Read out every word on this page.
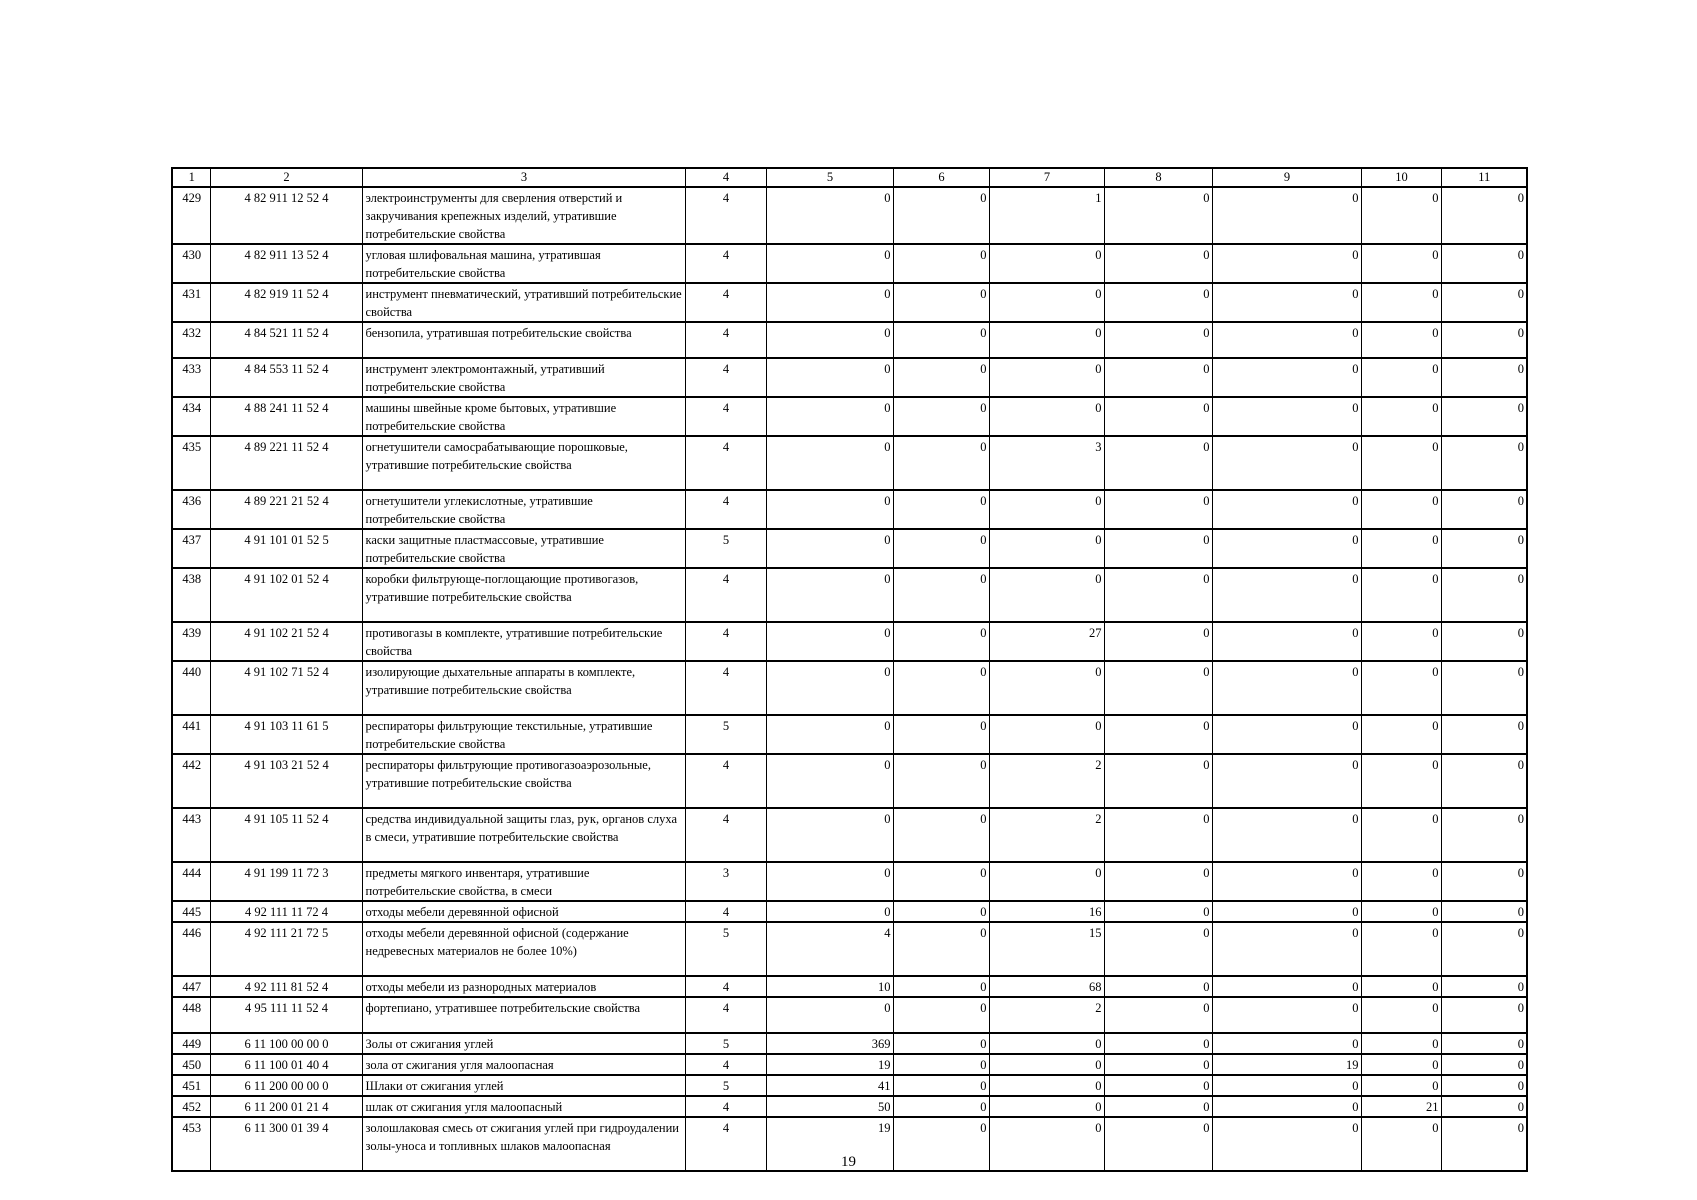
1	2	3	4	5	6	7	8	9	10	11
429	4 82 911 12 52 4	электроинструменты для сверления отверстий и закручивания крепежных изделий, утратившие потребительские свойства	4	0	0	1	0	0	0	0
430	4 82 911 13 52 4	угловая шлифовальная машина, утратившая потребительские свойства	4	0	0	0	0	0	0	0
431	4 82 919 11 52 4	инструмент пневматический, утративший потребительские свойства	4	0	0	0	0	0	0	0
432	4 84 521 11 52 4	бензопила, утратившая потребительские свойства	4	0	0	0	0	0	0	0
433	4 84 553 11 52 4	инструмент электромонтажный, утративший потребительские свойства	4	0	0	0	0	0	0	0
434	4 88 241 11 52 4	машины швейные кроме бытовых, утратившие потребительские свойства	4	0	0	0	0	0	0	0
435	4 89 221 11 52 4	огнетушители самосрабатывающие порошковые, утратившие потребительские свойства	4	0	0	3	0	0	0	0
436	4 89 221 21 52 4	огнетушители углекислотные, утратившие потребительские свойства	4	0	0	0	0	0	0	0
437	4 91 101 01 52 5	каски защитные пластмассовые, утратившие потребительские свойства	5	0	0	0	0	0	0	0
438	4 91 102 01 52 4	коробки фильтрующе-поглощающие противогазов, утратившие потребительские свойства	4	0	0	0	0	0	0	0
439	4 91 102 21 52 4	противогазы в комплекте, утратившие потребительские свойства	4	0	0	27	0	0	0	0
440	4 91 102 71 52 4	изолирующие дыхательные аппараты в комплекте, утратившие потребительские свойства	4	0	0	0	0	0	0	0
441	4 91 103 11 61 5	респираторы фильтрующие текстильные, утратившие потребительские свойства	5	0	0	0	0	0	0	0
442	4 91 103 21 52 4	респираторы фильтрующие противогазоаэрозольные, утратившие потребительские свойства	4	0	0	2	0	0	0	0
443	4 91 105 11 52 4	средства индивидуальной защиты глаз, рук, органов слуха в смеси, утратившие потребительские свойства	4	0	0	2	0	0	0	0
444	4 91 199 11 72 3	предметы мягкого инвентаря, утратившие потребительские свойства, в смеси	3	0	0	0	0	0	0	0
445	4 92 111 11 72 4	отходы мебели деревянной офисной	4	0	0	16	0	0	0	0
446	4 92 111 21 72 5	отходы мебели деревянной офисной (содержание недревесных материалов не более 10%)	5	4	0	15	0	0	0	0
447	4 92 111 81 52 4	отходы мебели из разнородных материалов	4	10	0	68	0	0	0	0
448	4 95 111 11 52 4	фортепиано, утратившее потребительские свойства	4	0	0	2	0	0	0	0
449	6 11 100 00 00 0	Золы от сжигания углей	5	369	0	0	0	0	0	0
450	6 11 100 01 40 4	зола от сжигания угля малоопасная	4	19	0	0	0	19	0	0
451	6 11 200 00 00 0	Шлаки от сжигания углей	5	41	0	0	0	0	0	0
452	6 11 200 01 21 4	шлак от сжигания угля малоопасный	4	50	0	0	0	0	21	0
453	6 11 300 01 39 4	золошлаковая смесь от сжигания углей при гидроудалении золы-уноса и топливных шлаков малоопасная	4	19	0	0	0	0	0	0
19
